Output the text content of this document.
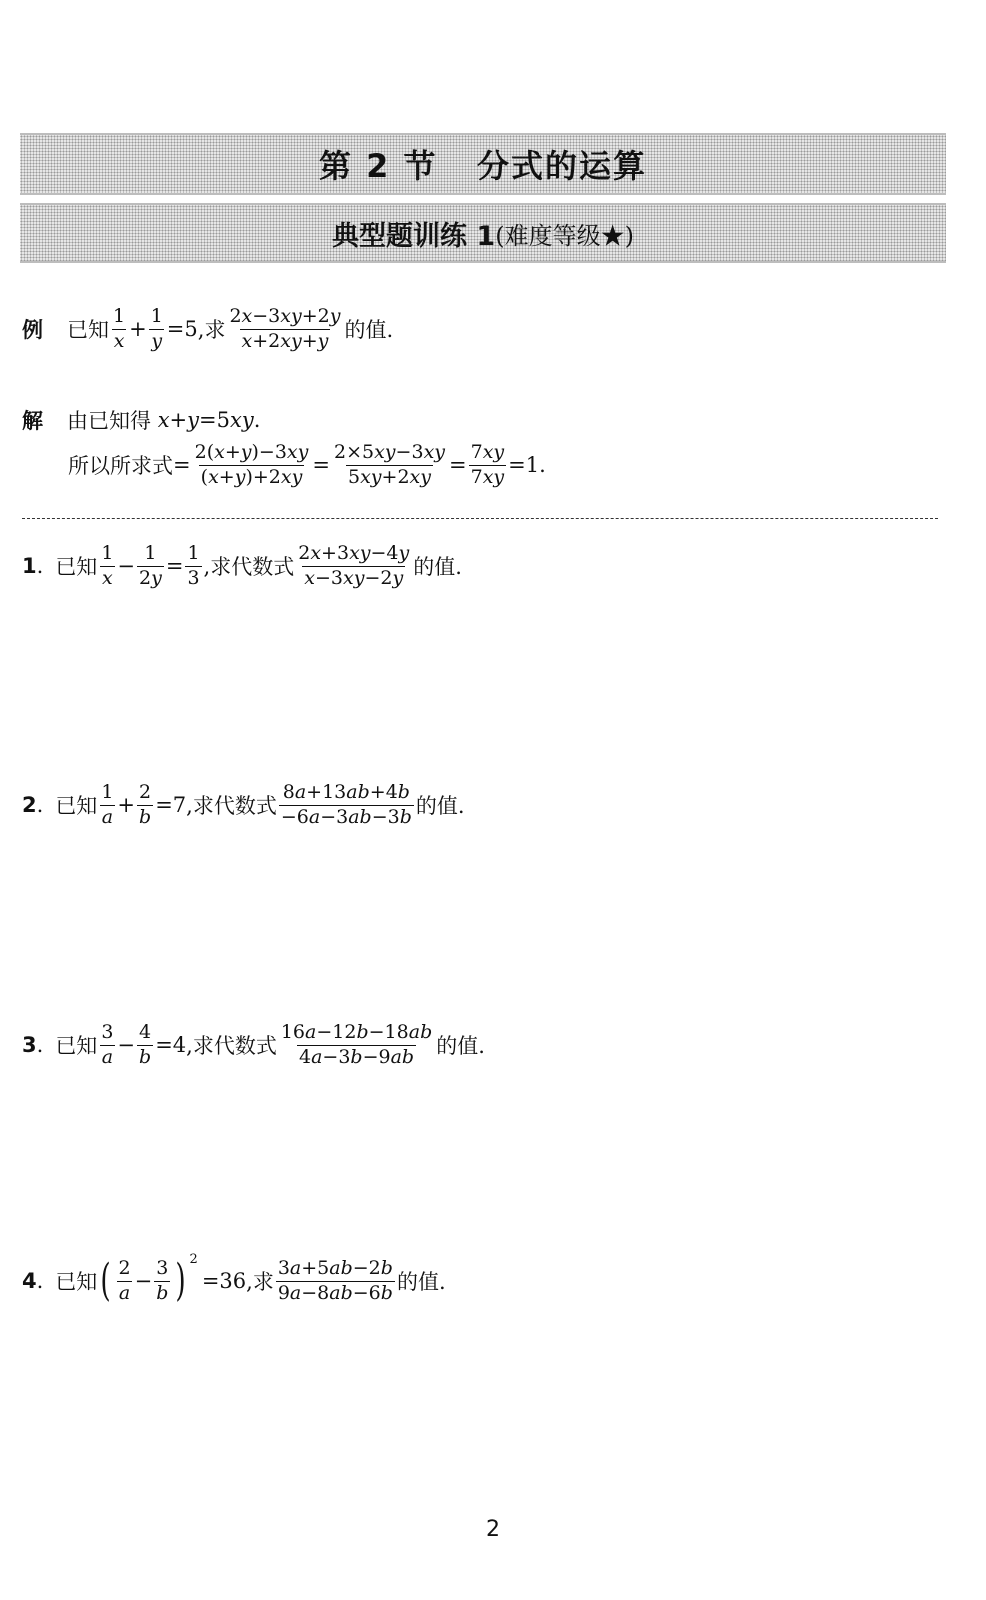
第 2 节   分式的运算
典型题训练 1 (难度等级★)
例 已知 $\frac{1}{x} + \frac{1}{y} =5$ ,求 $\frac{2x-3xy+2y}{x+2xy+y}$ 的值.
解 由已知得 x+y=5xy.
所以所求式 = $\frac{2(x+y)-3xy}{(x+y)+2xy} = \frac{2\times 5xy-3xy}{5xy+2xy} = \frac{7xy}{7xy} =1$.
1 . 已知 $\frac{1}{x} - \frac{1}{2y} = \frac{1}{3}$ ,求代数式 $\frac{2x+3xy-4y}{x-3xy-2y}$ 的值.
2 . 已知 $\frac{1}{a} + \frac{2}{b} =7$ ,求代数式 $\frac{8a+13ab+4b}{-6a-3ab-3b}$ 的值.
3 . 已知 $\frac{3}{a} - \frac{4}{b} =4$ ,求代数式 $\frac{16a-12b-18ab}{4a-3b-9ab}$ 的值.
4 . 已知 ( $\frac{2}{a} - \frac{3}{b}$ ) 2
=36 ,求 $\frac{3a+5ab-2b}{9a-8ab-6b}$ 的值.
2
